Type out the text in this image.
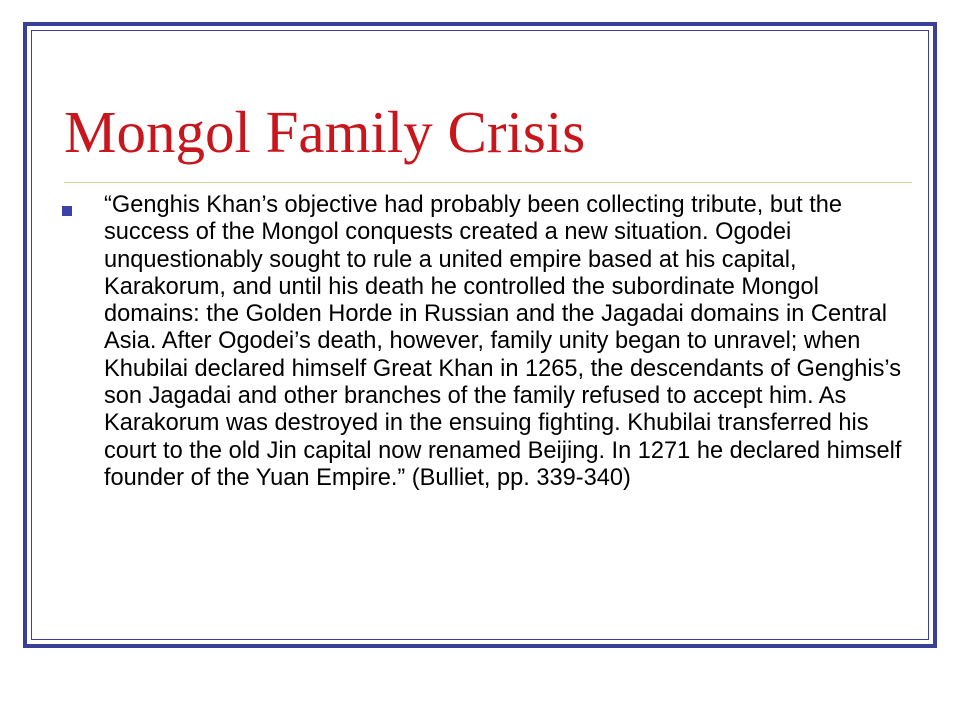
Mongol Family Crisis
“Genghis Khan’s objective had probably been collecting tribute, but the success of the Mongol conquests created a new situation. Ogodei unquestionably sought to rule a united empire based at his capital, Karakorum, and until his death he controlled the subordinate Mongol domains: the Golden Horde in Russian and the Jagadai domains in Central Asia. After Ogodei’s death, however, family unity began to unravel; when Khubilai declared himself Great Khan in 1265, the descendants of Genghis’s son Jagadai and other branches of the family refused to accept him. As Karakorum was destroyed in the ensuing fighting. Khubilai transferred his court to the old Jin capital now renamed Beijing. In 1271 he declared himself founder of the Yuan Empire.” (Bulliet, pp. 339-340)
